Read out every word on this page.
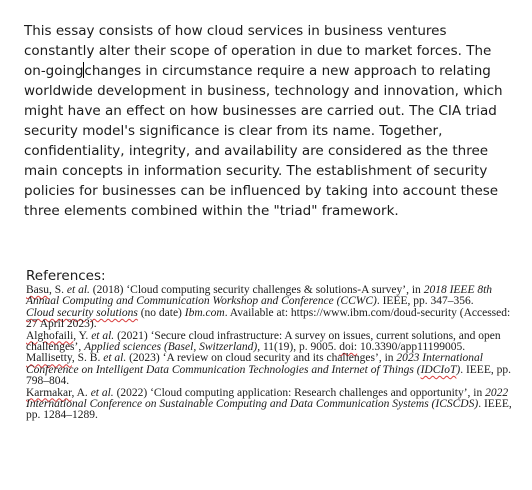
This essay consists of how cloud services in business ventures constantly alter their scope of operation in due to market forces. The on-goingchanges in circumstance require a new approach to relating worldwide development in business, technology and innovation, which might have an effect on how businesses are carried out. The CIA triad security model's significance is clear from its name. Together, confidentiality, integrity, and availability are considered as the three main concepts in information security. The establishment of security policies for businesses can be influenced by taking into account these three elements combined within the "triad" framework.

References:

Basu, S. et al. (2018) ‘Cloud computing security challenges & solutions-A survey’, in 2018 IEEE 8th Annual Computing and Communication Workshop and Conference (CCWC). IEEE, pp. 347–356.
Cloud security solutions (no date) Ibm.com. Available at: https://www.ibm.com/doud-security (Accessed: 27 April 2023).
Alghofaili, Y. et al. (2021) ‘Secure cloud infrastructure: A survey on issues, current solutions, and open challenges’, Applied sciences (Basel, Switzerland), 11(19), p. 9005. doi: 10.3390/app11199005.
Mallisetty, S. B. et al. (2023) ‘A review on cloud security and its challenges’, in 2023 International Conference on Intelligent Data Communication Technologies and Internet of Things (IDCIoT). IEEE, pp. 798–804.
Karmakar, A. et al. (2022) ‘Cloud computing application: Research challenges and opportunity’, in 2022 International Conference on Sustainable Computing and Data Communication Systems (ICSCDS). IEEE, pp. 1284–1289.
